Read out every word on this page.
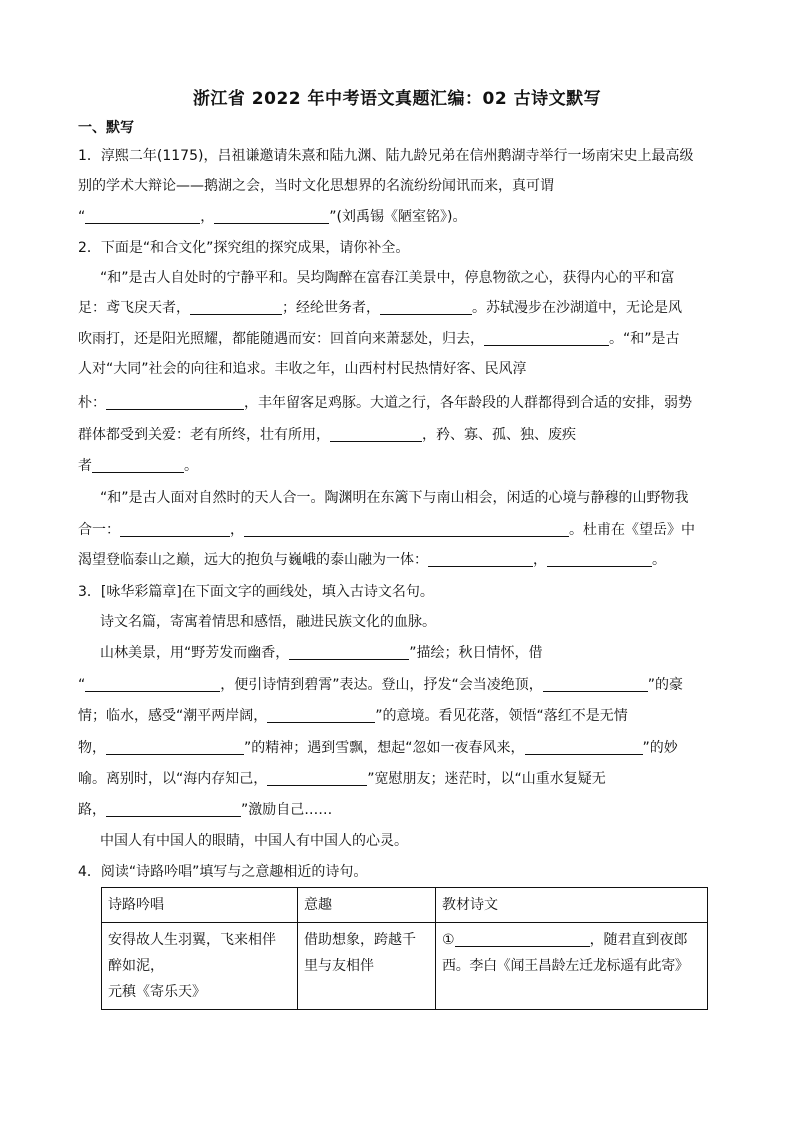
浙江省 2022 年中考语文真题汇编：02 古诗文默写
一、默写
1．淳熙二年(1175)，吕祖谦邀请朱熹和陆九渊、陆九龄兄弟在信州鹅湖寺举行一场南宋史上最高级
别的学术大辩论——鹅湖之会，当时文化思想界的名流纷纷闻讯而来，真可谓
“	，	”(刘禹锡《陋室铭》)。
2．下面是“和合文化”探究组的探究成果，请你补全。
“和”是古人自处时的宁静平和。吴均陶醉在富春江美景中，停息物欲之心，获得内心的平和富
足：鸢飞戾天者，	；经纶世务者，	。苏轼漫步在沙湖道中，无论是风
吹雨打，还是阳光照耀，都能随遇而安：回首向来萧瑟处，归去，	。“和”是古
人对“大同”社会的向往和追求。丰收之年，山西村村民热情好客、民风淳
朴：	，丰年留客足鸡豚。大道之行，各年龄段的人群都得到合适的安排，弱势
群体都受到关爱：老有所终，壮有所用，	，矜、寡、孤、独、废疾
者	。
“和”是古人面对自然时的天人合一。陶渊明在东篱下与南山相会，闲适的心境与静穆的山野物我
合一：	，	。杜甫在《望岳》中
渴望登临泰山之巅，远大的抱负与巍峨的泰山融为一体：	，	。
3．[咏华彩篇章]在下面文字的画线处，填入古诗文名句。
诗文名篇，寄寓着情思和感悟，融进民族文化的血脉。
山林美景，用“野芳发而幽香，	”描绘；秋日情怀，借
“	，便引诗情到碧霄”表达。登山，抒发“会当凌绝顶，	”的豪
情；临水，感受“潮平两岸阔，	”的意境。看见花落，领悟“落红不是无情
物，	”的精神；遇到雪飘，想起“忽如一夜春风来，	”的妙
喻。离别时，以“海内存知己，	”宽慰朋友；迷茫时，以“山重水复疑无
路，	”激励自己……
中国人有中国人的眼睛，中国人有中国人的心灵。
4．阅读“诗路吟唱”填写与之意趣相近的诗句。
诗路吟唱	意趣	教材诗文

安得故人生羽翼，飞来相伴
醉如泥，
元稹《寄乐天》	借助想象，跨越千
里与友相伴	① ，随君直到夜郎
西。李白《闻王昌龄左迁龙标遥有此寄》
